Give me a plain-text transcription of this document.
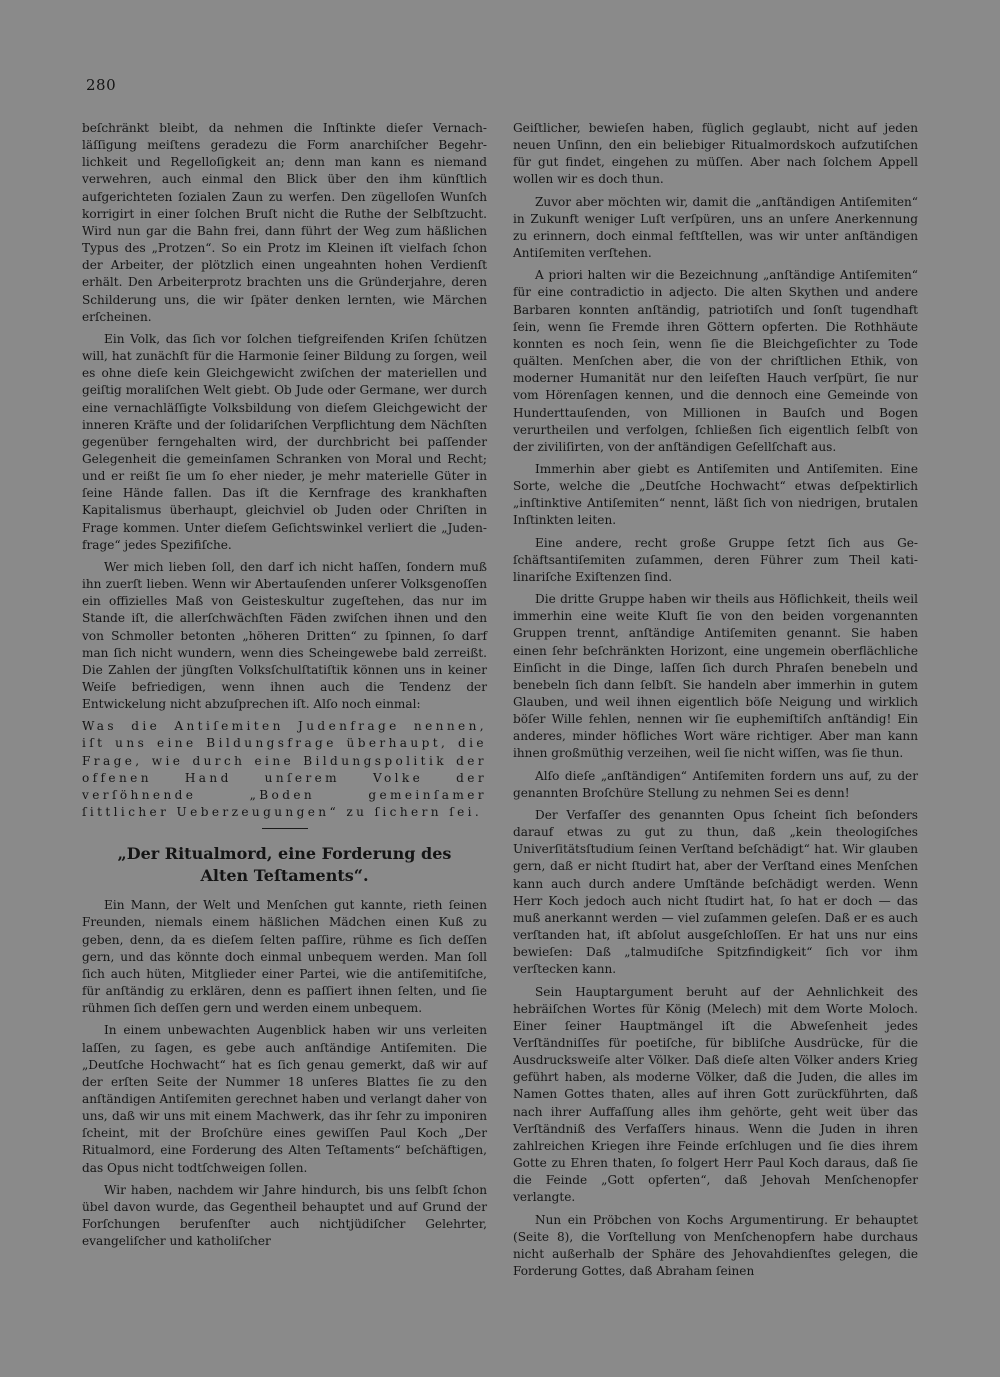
280

beſchränkt bleibt, da nehmen die Inſtinkte dieſer Vernachläſſigung meiſtens geradezu die Form anarchiſcher Begehrlichkeit und Regelloſigkeit an; denn man kann es niemand verwehren, auch einmal den Blick über den ihm künſtlich aufgerichteten ſozialen Zaun zu werfen. Den zügelloſen Wunſch korrigirt in einer ſolchen Bruſt nicht die Ruthe der Selbſtzucht. Wird nun gar die Bahn frei, dann führt der Weg zum häßlichen Typus des „Protzen“. So ein Protz im Kleinen iſt vielfach ſchon der Arbeiter, der plötzlich einen ungeahnten hohen Verdienſt erhält. Den Arbeiterprotz brachten uns die Gründerjahre, deren Schilderung uns, die wir ſpäter denken lernten, wie Märchen erſcheinen.

Ein Volk, das ſich vor ſolchen tiefgreifenden Kriſen ſchützen will, hat zunächſt für die Harmonie ſeiner Bildung zu ſorgen, weil es ohne dieſe kein Gleichgewicht zwiſchen der materiellen und geiſtig moraliſchen Welt giebt. Ob Jude oder Germane, wer durch eine vernachläſſigte Volksbildung von dieſem Gleichgewicht der inneren Kräfte und der ſolidariſchen Verpflichtung dem Nächſten gegenüber ferngehalten wird, der durchbricht bei paſſender Gelegenheit die gemeinſamen Schranken von Moral und Recht; und er reißt ſie um ſo eher nieder, je mehr materielle Güter in ſeine Hände fallen. Das iſt die Kernfrage des krankhaften Kapitalismus überhaupt, gleichviel ob Juden oder Chriſten in Frage kommen. Unter dieſem Geſichtswinkel verliert die „Judenfrage“ jedes Spezifiſche.

Wer mich lieben ſoll, den darf ich nicht haſſen, ſondern muß ihn zuerſt lieben. Wenn wir Abertauſenden unſerer Volksgenoſſen ein offizielles Maß von Geisteskultur zugeſtehen, das nur im Stande iſt, die allerſchwächſten Fäden zwiſchen ihnen und den von Schmoller betonten „höheren Dritten“ zu ſpinnen, ſo darf man ſich nicht wundern, wenn dies Scheingewebe bald zerreißt. Die Zahlen der jüngſten Volksſchulſtatiſtik können uns in keiner Weiſe befriedigen, wenn ihnen auch die Tendenz der Entwickelung nicht abzuſprechen iſt. Alſo noch einmal:

Was die Antiſemiten Judenfrage nennen, iſt uns eine Bildungsfrage überhaupt, die Frage, wie durch eine Bildungspolitik der offenen Hand unſerem Volke der verſöhnende „Boden gemeinſamer ſittlicher Ueberzeugungen“ zu ſichern ſei.

„Der Ritualmord, eine Forderung des
Alten Teſtaments“.

Ein Mann, der Welt und Menſchen gut kannte, rieth ſeinen Freunden, niemals einem häßlichen Mädchen einen Kuß zu geben, denn, da es dieſem ſelten paſſire, rühme es ſich deſſen gern, und das könnte doch einmal unbequem werden. Man ſoll ſich auch hüten, Mitglieder einer Partei, wie die antiſemitiſche, für anſtändig zu erklären, denn es paſſiert ihnen ſelten, und ſie rühmen ſich deſſen gern und werden einem unbequem.

In einem unbewachten Augenblick haben wir uns verleiten laſſen, zu ſagen, es gebe auch anſtändige Antiſemiten. Die „Deutſche Hochwacht“ hat es ſich genau gemerkt, daß wir auf der erſten Seite der Nummer 18 unſeres Blattes ſie zu den anſtändigen Antiſemiten gerechnet haben und verlangt daher von uns, daß wir uns mit einem Machwerk, das ihr ſehr zu imponiren ſcheint, mit der Broſchüre eines gewiſſen Paul Koch „Der Ritualmord, eine Forderung des Alten Teſtaments“ beſchäftigen, das Opus nicht todtſchweigen ſollen.

Wir haben, nachdem wir Jahre hindurch, bis uns ſelbſt ſchon übel davon wurde, das Gegentheil behauptet und auf Grund der Forſchungen berufenſter auch nichtjüdiſcher Gelehrter, evangeliſcher und katholiſcher

Geiſtlicher, bewieſen haben, füglich geglaubt, nicht auf jeden neuen Unſinn, den ein beliebiger Ritualmordskoch aufzutiſchen für gut findet, eingehen zu müſſen. Aber nach ſolchem Appell wollen wir es doch thun.

Zuvor aber möchten wir, damit die „anſtändigen Antiſemiten“ in Zukunft weniger Luſt verſpüren, uns an unſere Anerkennung zu erinnern, doch einmal feſtſtellen, was wir unter anſtändigen Antiſemiten verſtehen.

A priori halten wir die Bezeichnung „anſtändige Antiſemiten“ für eine contradictio in adjecto. Die alten Skythen und andere Barbaren konnten anſtändig, patriotiſch und ſonſt tugendhaft ſein, wenn ſie Fremde ihren Göttern opferten. Die Rothhäute konnten es noch ſein, wenn ſie die Bleichgeſichter zu Tode quälten. Menſchen aber, die von der chriſtlichen Ethik, von moderner Humanität nur den leiſeſten Hauch verſpürt, ſie nur vom Hörenſagen kennen, und die dennoch eine Gemeinde von Hunderttauſenden, von Millionen in Bauſch und Bogen verurtheilen und verfolgen, ſchließen ſich eigentlich ſelbſt von der ziviliſirten, von der anſtändigen Geſellſchaft aus.

Immerhin aber giebt es Antiſemiten und Antiſemiten. Eine Sorte, welche die „Deutſche Hochwacht“ etwas deſpektirlich „inſtinktive Antiſemiten“ nennt, läßt ſich von niedrigen, brutalen Inſtinkten leiten.

Eine andere, recht große Gruppe ſetzt ſich aus Geſchäftsantiſemiten zuſammen, deren Führer zum Theil katilinariſche Exiſtenzen ſind.

Die dritte Gruppe haben wir theils aus Höflichkeit, theils weil immerhin eine weite Kluft ſie von den beiden vorgenannten Gruppen trennt, anſtändige Antiſemiten genannt. Sie haben einen ſehr beſchränkten Horizont, eine ungemein oberflächliche Einſicht in die Dinge, laſſen ſich durch Phraſen benebeln und benebeln ſich dann ſelbſt. Sie handeln aber immerhin in gutem Glauben, und weil ihnen eigentlich böſe Neigung und wirklich böſer Wille fehlen, nennen wir ſie euphemiſtiſch anſtändig! Ein anderes, minder höfliches Wort wäre richtiger. Aber man kann ihnen großmüthig verzeihen, weil ſie nicht wiſſen, was ſie thun.

Alſo dieſe „anſtändigen“ Antiſemiten fordern uns auf, zu der genannten Broſchüre Stellung zu nehmen Sei es denn!

Der Verfaſſer des genannten Opus ſcheint ſich beſonders darauf etwas zu gut zu thun, daß „kein theologiſches Univerſitätsſtudium ſeinen Verſtand beſchädigt“ hat. Wir glauben gern, daß er nicht ſtudirt hat, aber der Verſtand eines Menſchen kann auch durch andere Umſtände beſchädigt werden. Wenn Herr Koch jedoch auch nicht ſtudirt hat, ſo hat er doch — das muß anerkannt werden — viel zuſammen geleſen. Daß er es auch verſtanden hat, iſt abſolut ausgeſchloſſen. Er hat uns nur eins bewieſen: Daß „talmudiſche Spitzfindigkeit“ ſich vor ihm verſtecken kann.

Sein Hauptargument beruht auf der Aehnlichkeit des hebräiſchen Wortes für König (Melech) mit dem Worte Moloch. Einer ſeiner Hauptmängel iſt die Abweſenheit jedes Verſtändniſſes für poetiſche, für bibliſche Ausdrücke, für die Ausdrucksweiſe alter Völker. Daß dieſe alten Völker anders Krieg geführt haben, als moderne Völker, daß die Juden, die alles im Namen Gottes thaten, alles auf ihren Gott zurückführten, daß nach ihrer Auffaſſung alles ihm gehörte, geht weit über das Verſtändniß des Verfaſſers hinaus. Wenn die Juden in ihren zahlreichen Kriegen ihre Feinde erſchlugen und ſie dies ihrem Gotte zu Ehren thaten, ſo folgert Herr Paul Koch daraus, daß ſie die Feinde „Gott opferten“, daß Jehovah Menſchenopfer verlangte.

Nun ein Pröbchen von Kochs Argumentirung. Er behauptet (Seite 8), die Vorſtellung von Menſchenopfern habe durchaus nicht außerhalb der Sphäre des Jehovahdienſtes gelegen, die Forderung Gottes, daß Abraham ſeinen
